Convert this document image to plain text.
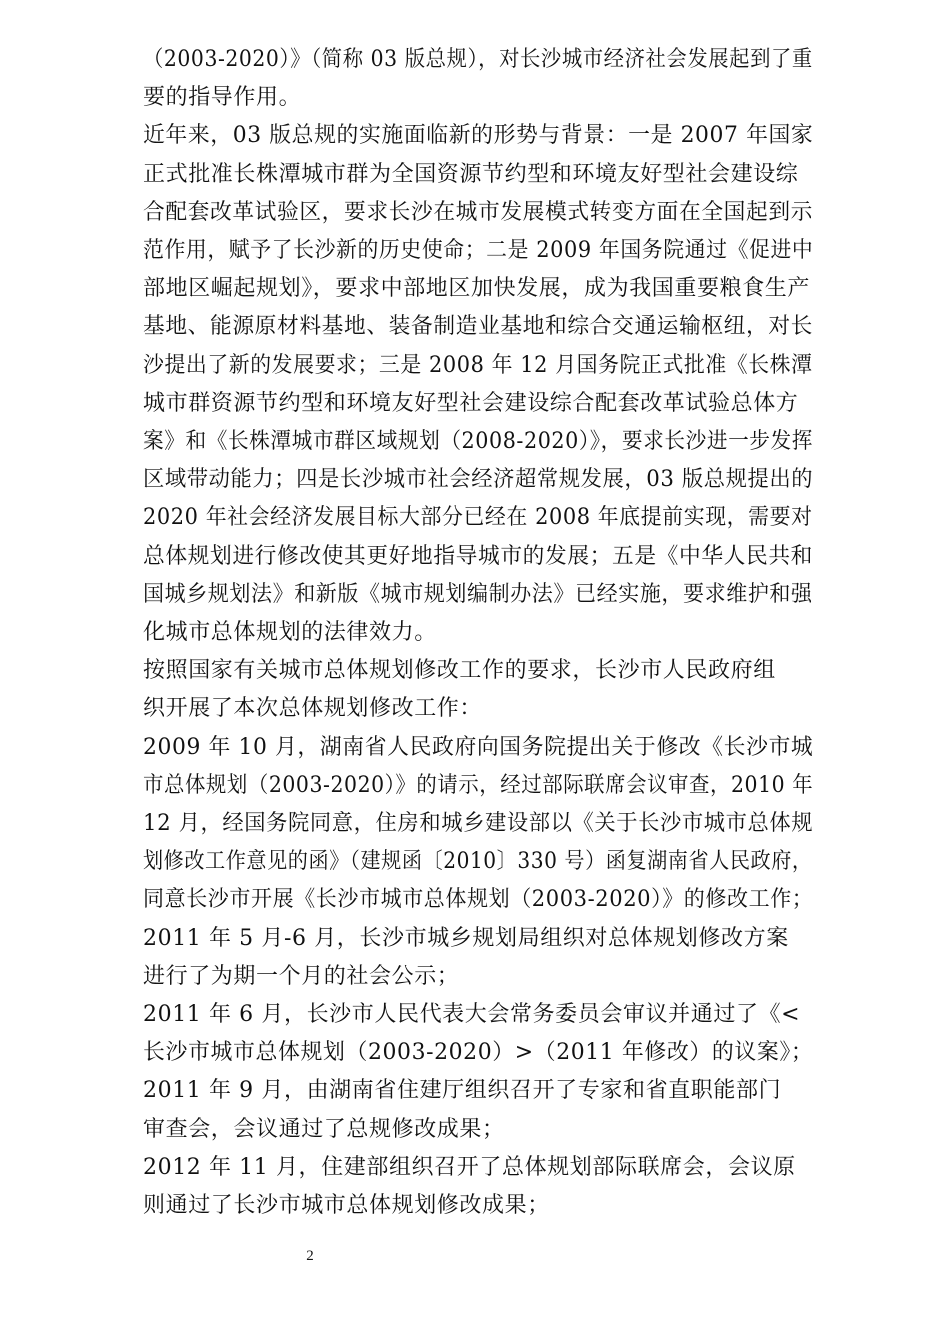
（2003-2020）》（简称 03 版总规），对长沙城市经济社会发展起到了重
要的指导作用。
近年来，03 版总规的实施面临新的形势与背景：一是 2007 年国家
正式批准长株潭城市群为全国资源节约型和环境友好型社会建设综
合配套改革试验区，要求长沙在城市发展模式转变方面在全国起到示
范作用，赋予了长沙新的历史使命；二是 2009 年国务院通过《促进中
部地区崛起规划》，要求中部地区加快发展，成为我国重要粮食生产
基地、能源原材料基地、装备制造业基地和综合交通运输枢纽，对长
沙提出了新的发展要求；三是 2008 年 12 月国务院正式批准《长株潭
城市群资源节约型和环境友好型社会建设综合配套改革试验总体方
案》和《长株潭城市群区域规划（2008-2020）》，要求长沙进一步发挥
区域带动能力；四是长沙城市社会经济超常规发展，03 版总规提出的
2020 年社会经济发展目标大部分已经在 2008 年底提前实现，需要对
总体规划进行修改使其更好地指导城市的发展；五是《中华人民共和
国城乡规划法》和新版《城市规划编制办法》已经实施，要求维护和强
化城市总体规划的法律效力。
按照国家有关城市总体规划修改工作的要求，长沙市人民政府组
织开展了本次总体规划修改工作：
2009 年 10 月，湖南省人民政府向国务院提出关于修改《长沙市城
市总体规划（2003-2020）》的请示，经过部际联席会议审查，2010 年
12 月，经国务院同意，住房和城乡建设部以《关于长沙市城市总体规
划修改工作意见的函》（建规函〔2010〕330 号）函复湖南省人民政府，
同意长沙市开展《长沙市城市总体规划（2003-2020）》的修改工作；
2011 年 5 月-6 月，长沙市城乡规划局组织对总体规划修改方案
进行了为期一个月的社会公示；
2011 年 6 月，长沙市人民代表大会常务委员会审议并通过了《<
长沙市城市总体规划（2003-2020）>（2011 年修改）的议案》；
2011 年 9 月，由湖南省住建厅组织召开了专家和省直职能部门
审查会，会议通过了总规修改成果；
2012 年 11 月，住建部组织召开了总体规划部际联席会，会议原
则通过了长沙市城市总体规划修改成果；
2
